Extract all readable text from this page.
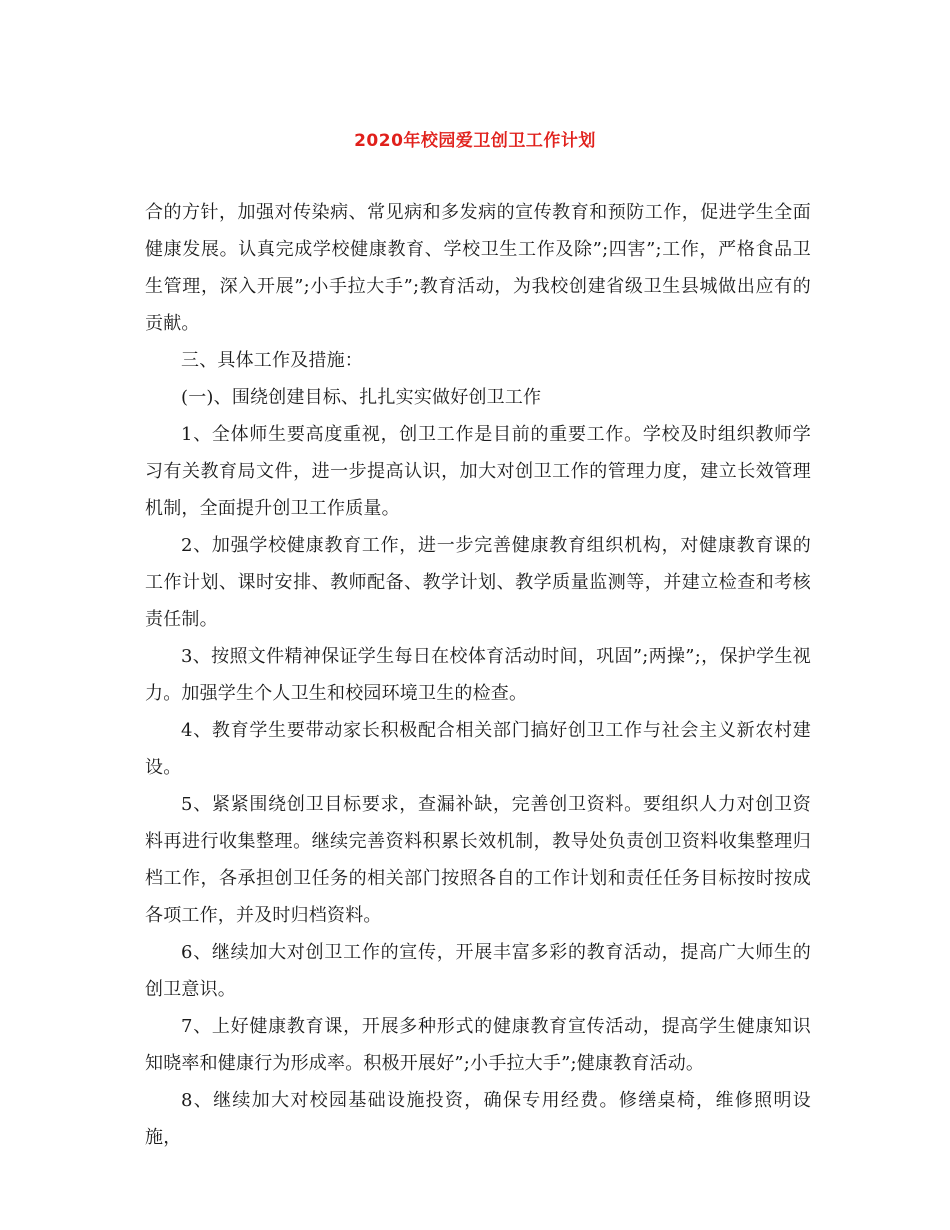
2020年校园爱卫创卫工作计划

合的方针，加强对传染病、常见病和多发病的宣传教育和预防工作，促进学生全面健康发展。认真完成学校健康教育、学校卫生工作及除”;四害”;工作，严格食品卫生管理，深入开展”;小手拉大手”;教育活动，为我校创建省级卫生县城做出应有的贡献。

三、具体工作及措施：

(一)、围绕创建目标、扎扎实实做好创卫工作

1、全体师生要高度重视，创卫工作是目前的重要工作。学校及时组织教师学习有关教育局文件，进一步提高认识，加大对创卫工作的管理力度，建立长效管理机制，全面提升创卫工作质量。

2、加强学校健康教育工作，进一步完善健康教育组织机构，对健康教育课的工作计划、课时安排、教师配备、教学计划、教学质量监测等，并建立检查和考核责任制。

3、按照文件精神保证学生每日在校体育活动时间，巩固”;两操”;，保护学生视力。加强学生个人卫生和校园环境卫生的检查。

4、教育学生要带动家长积极配合相关部门搞好创卫工作与社会主义新农村建设。

5、紧紧围绕创卫目标要求，查漏补缺，完善创卫资料。要组织人力对创卫资料再进行收集整理。继续完善资料积累长效机制，教导处负责创卫资料收集整理归档工作，各承担创卫任务的相关部门按照各自的工作计划和责任任务目标按时按成各项工作，并及时归档资料。

6、继续加大对创卫工作的宣传，开展丰富多彩的教育活动，提高广大师生的创卫意识。

7、上好健康教育课，开展多种形式的健康教育宣传活动，提高学生健康知识知晓率和健康行为形成率。积极开展好”;小手拉大手”;健康教育活动。

8、继续加大对校园基础设施投资，确保专用经费。修缮桌椅，维修照明设施，
